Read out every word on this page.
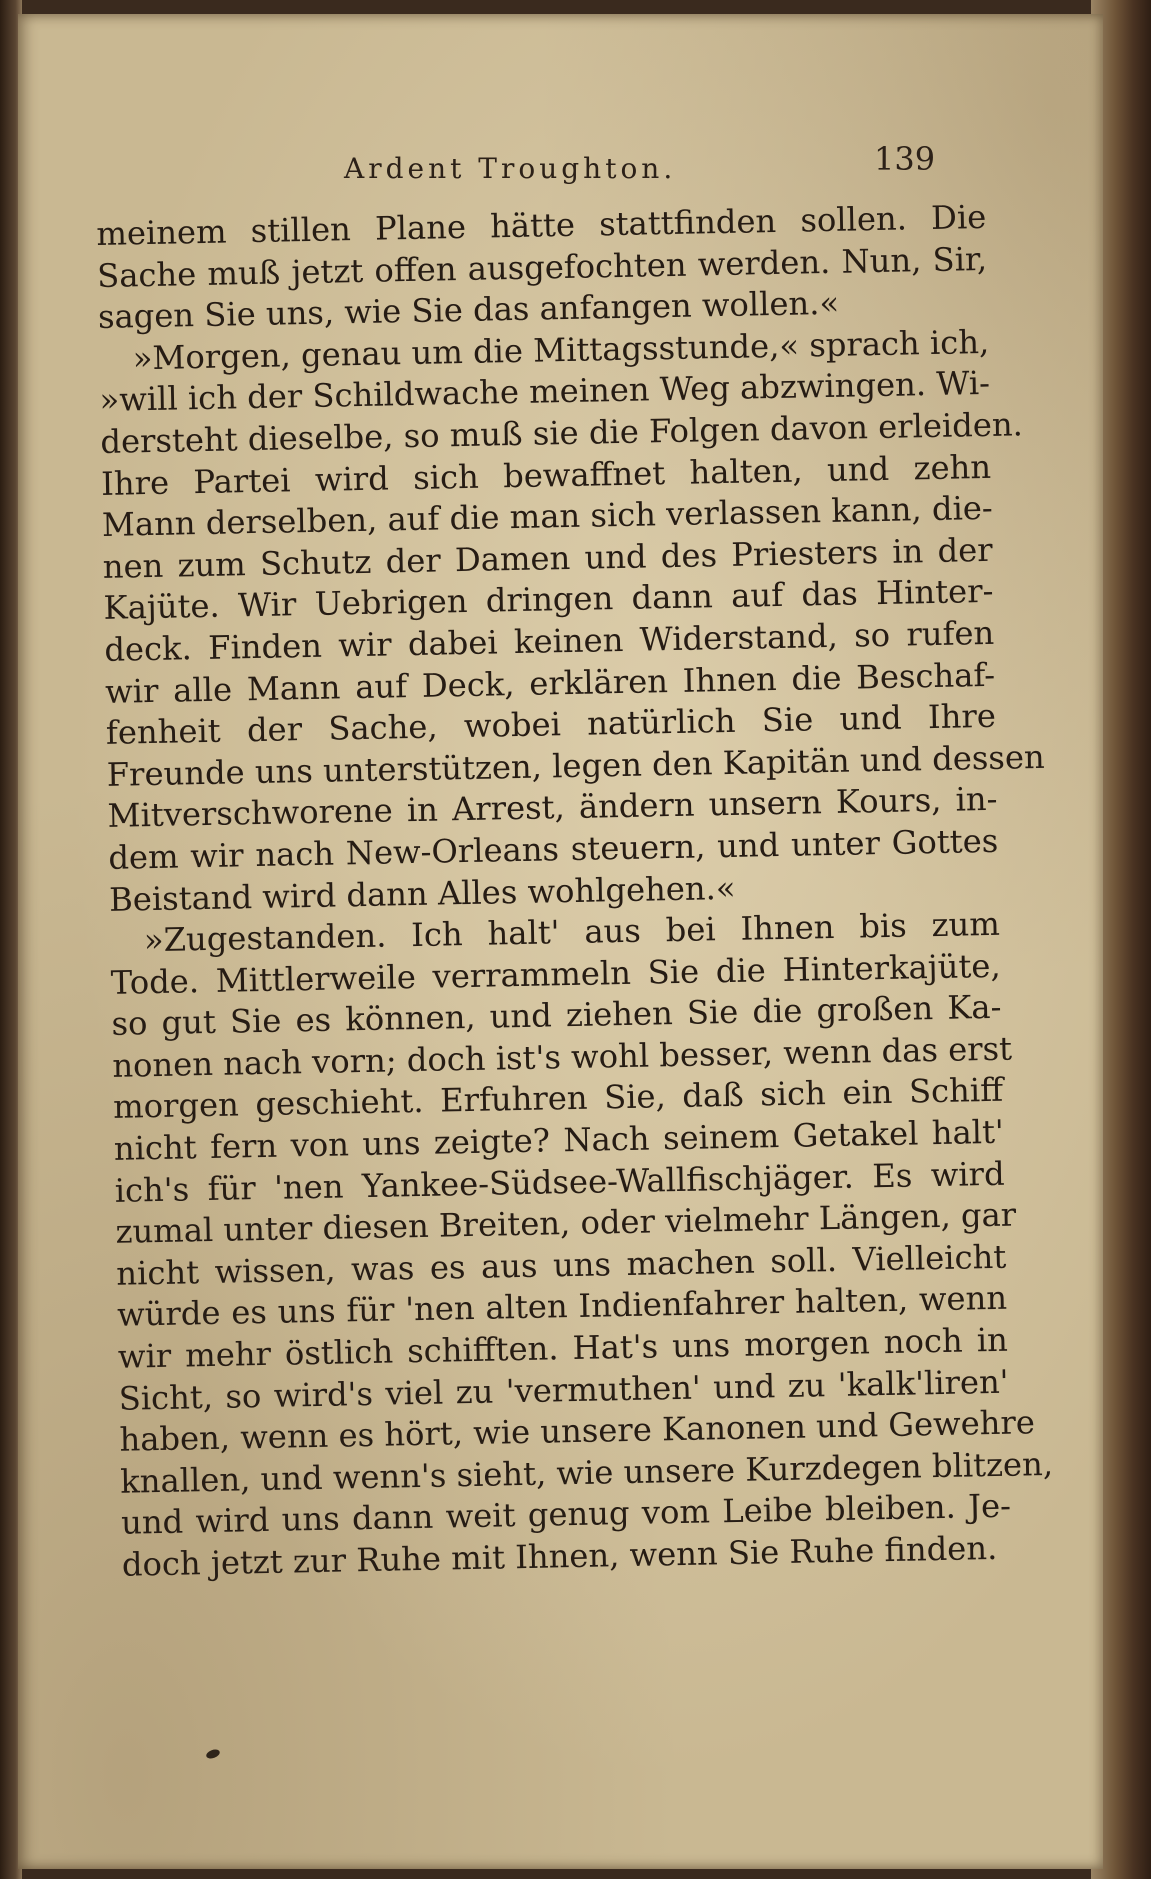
Ardent Troughton.	139
meinem stillen Plane hätte stattfinden sollen. Die
Sache muß jetzt offen ausgefochten werden. Nun, Sir,
sagen Sie uns, wie Sie das anfangen wollen.«
»Morgen, genau um die Mittagsstunde,« sprach ich,
»will ich der Schildwache meinen Weg abzwingen. Wi-
dersteht dieselbe, so muß sie die Folgen davon erleiden.
Ihre Partei wird sich bewaffnet halten, und zehn
Mann derselben, auf die man sich verlassen kann, die-
nen zum Schutz der Damen und des Priesters in der
Kajüte. Wir Uebrigen dringen dann auf das Hinter-
deck. Finden wir dabei keinen Widerstand, so rufen
wir alle Mann auf Deck, erklären Ihnen die Beschaf-
fenheit der Sache, wobei natürlich Sie und Ihre
Freunde uns unterstützen, legen den Kapitän und dessen
Mitverschworene in Arrest, ändern unsern Kours, in-
dem wir nach New-Orleans steuern, und unter Gottes
Beistand wird dann Alles wohlgehen.«
»Zugestanden. Ich halt' aus bei Ihnen bis zum
Tode. Mittlerweile verrammeln Sie die Hinterkajüte,
so gut Sie es können, und ziehen Sie die großen Ka-
nonen nach vorn; doch ist's wohl besser, wenn das erst
morgen geschieht. Erfuhren Sie, daß sich ein Schiff
nicht fern von uns zeigte? Nach seinem Getakel halt'
ich's für 'nen Yankee-Südsee-Wallfischjäger. Es wird
zumal unter diesen Breiten, oder vielmehr Längen, gar
nicht wissen, was es aus uns machen soll. Vielleicht
würde es uns für 'nen alten Indienfahrer halten, wenn
wir mehr östlich schifften. Hat's uns morgen noch in
Sicht, so wird's viel zu 'vermuthen' und zu 'kalk'liren'
haben, wenn es hört, wie unsere Kanonen und Gewehre
knallen, und wenn's sieht, wie unsere Kurzdegen blitzen,
und wird uns dann weit genug vom Leibe bleiben. Je-
doch jetzt zur Ruhe mit Ihnen, wenn Sie Ruhe finden.
